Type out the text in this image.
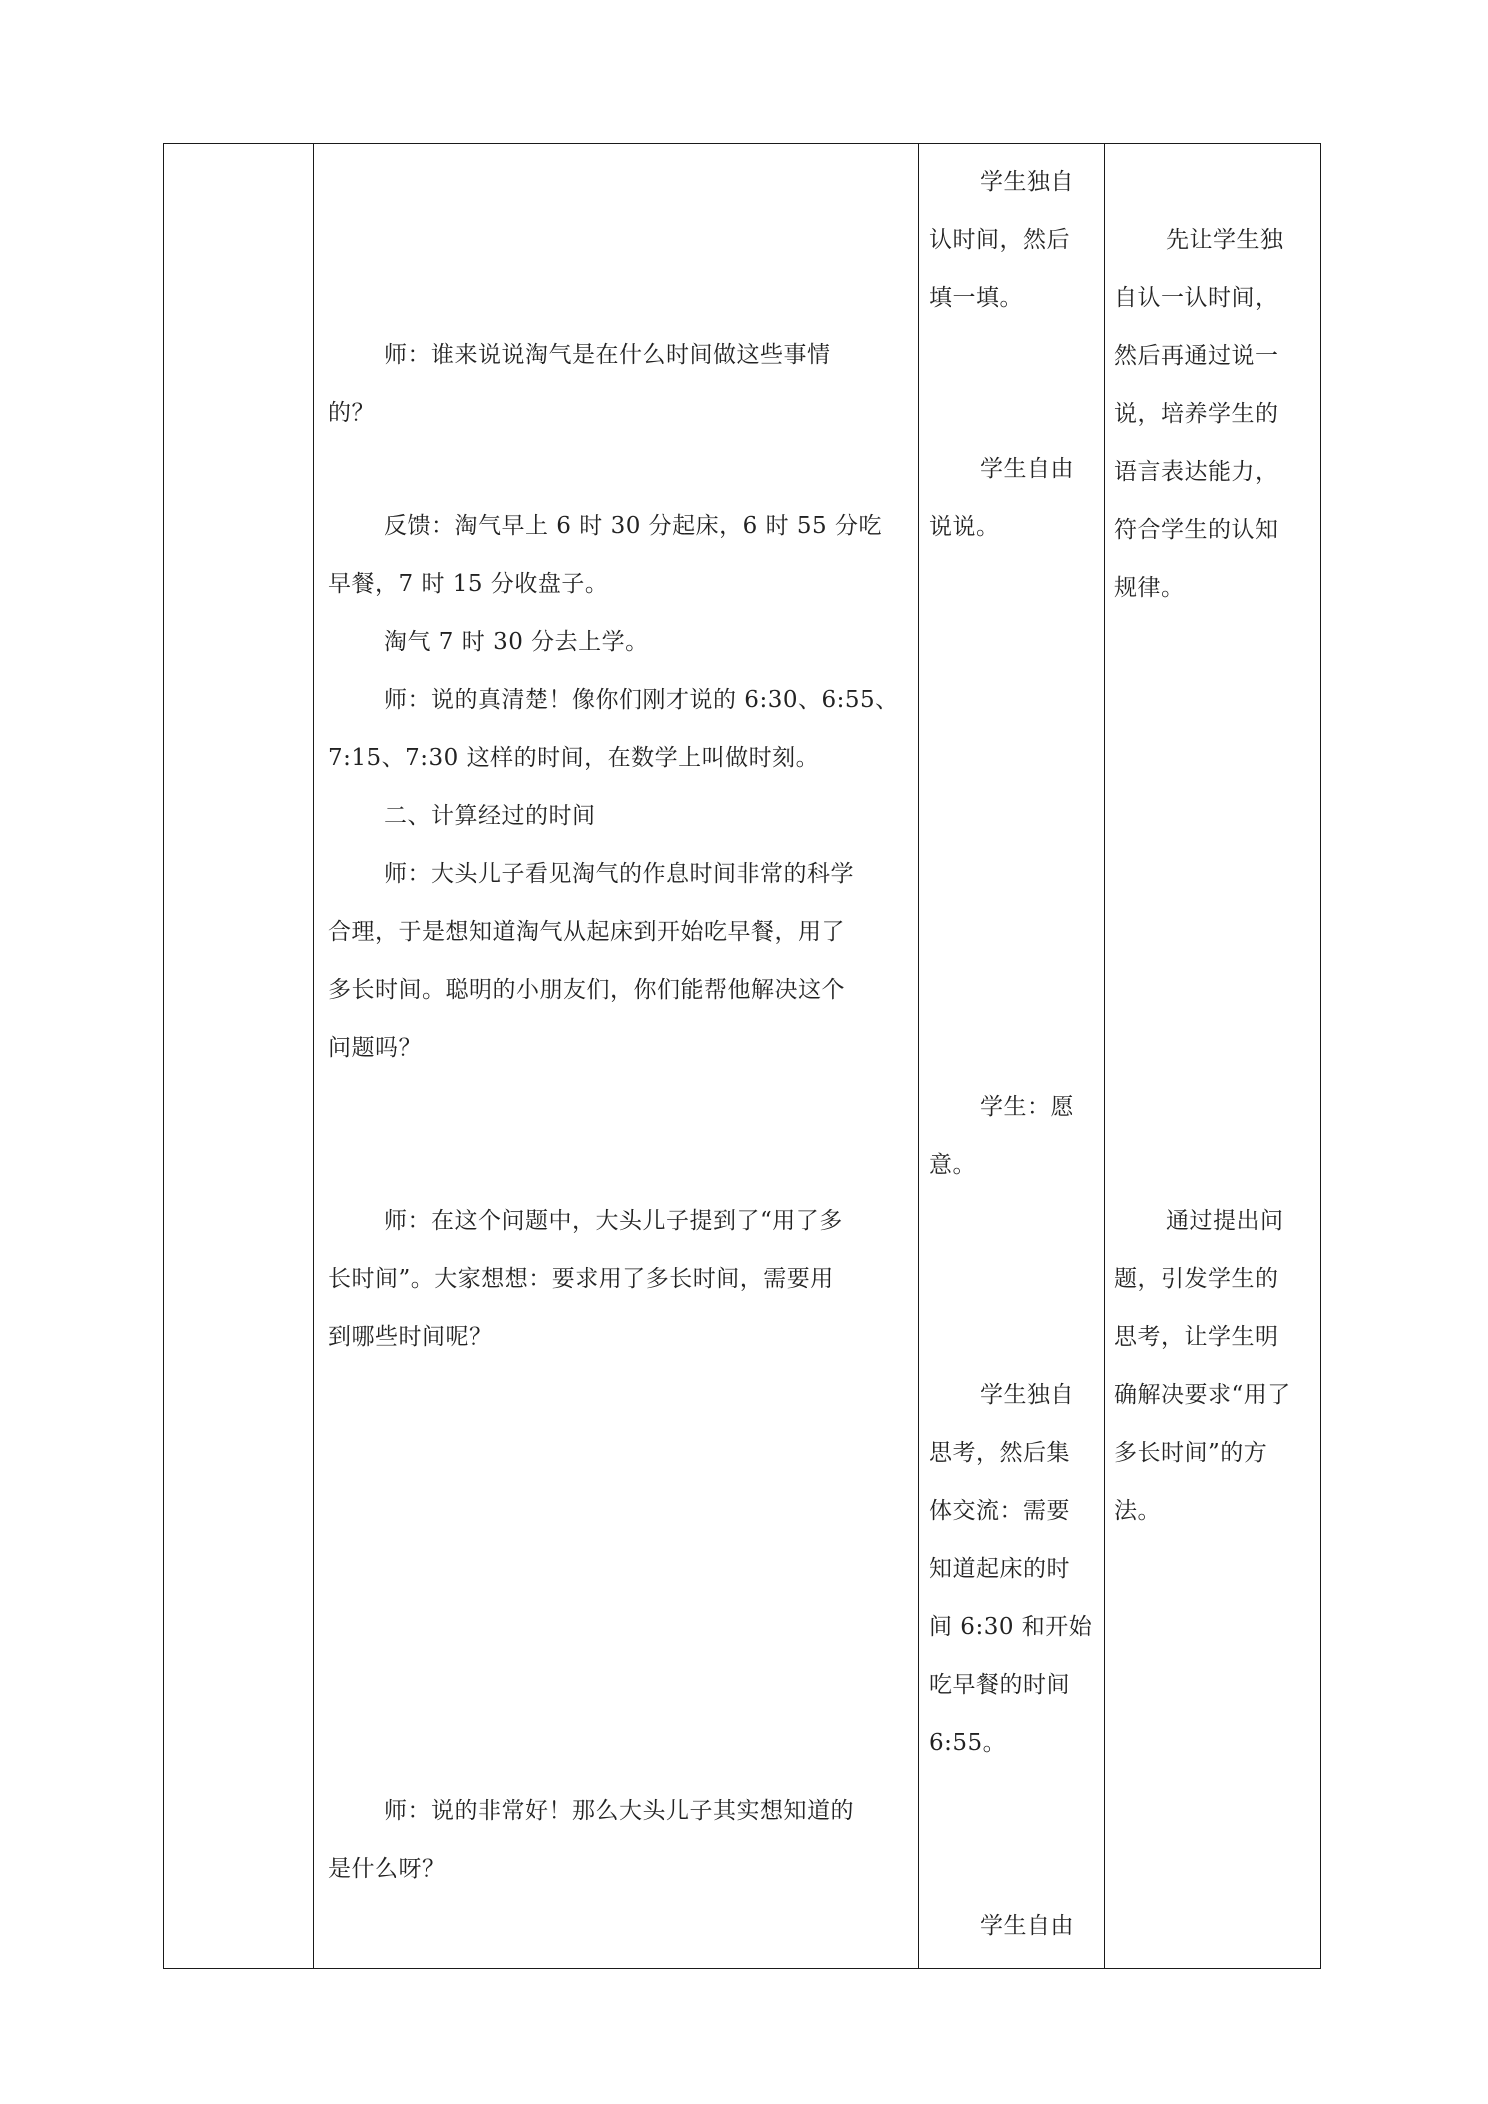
师：谁来说说淘气是在什么时间做这些事情
的？
反馈：淘气早上 6 时 30 分起床，6 时 55 分吃
早餐，7 时 15 分收盘子。
淘气 7 时 30 分去上学。
师：说的真清楚！像你们刚才说的 6:30、6:55、
7:15、7:30 这样的时间，在数学上叫做时刻。
二、计算经过的时间
师：大头儿子看见淘气的作息时间非常的科学
合理，于是想知道淘气从起床到开始吃早餐，用了
多长时间。聪明的小朋友们，你们能帮他解决这个
问题吗？
师：在这个问题中，大头儿子提到了“用了多
长时间”。大家想想：要求用了多长时间，需要用
到哪些时间呢？
师：说的非常好！那么大头儿子其实想知道的
是什么呀？
学生独自
认时间，然后
填一填。
学生自由
说说。
学生：愿
意。
学生独自
思考，然后集
体交流：需要
知道起床的时
间 6:30 和开始
吃早餐的时间
6:55。
学生自由
先让学生独
自认一认时间，
然后再通过说一
说，培养学生的
语言表达能力，
符合学生的认知
规律。
通过提出问
题，引发学生的
思考，让学生明
确解决要求“用了
多长时间”的方
法。
